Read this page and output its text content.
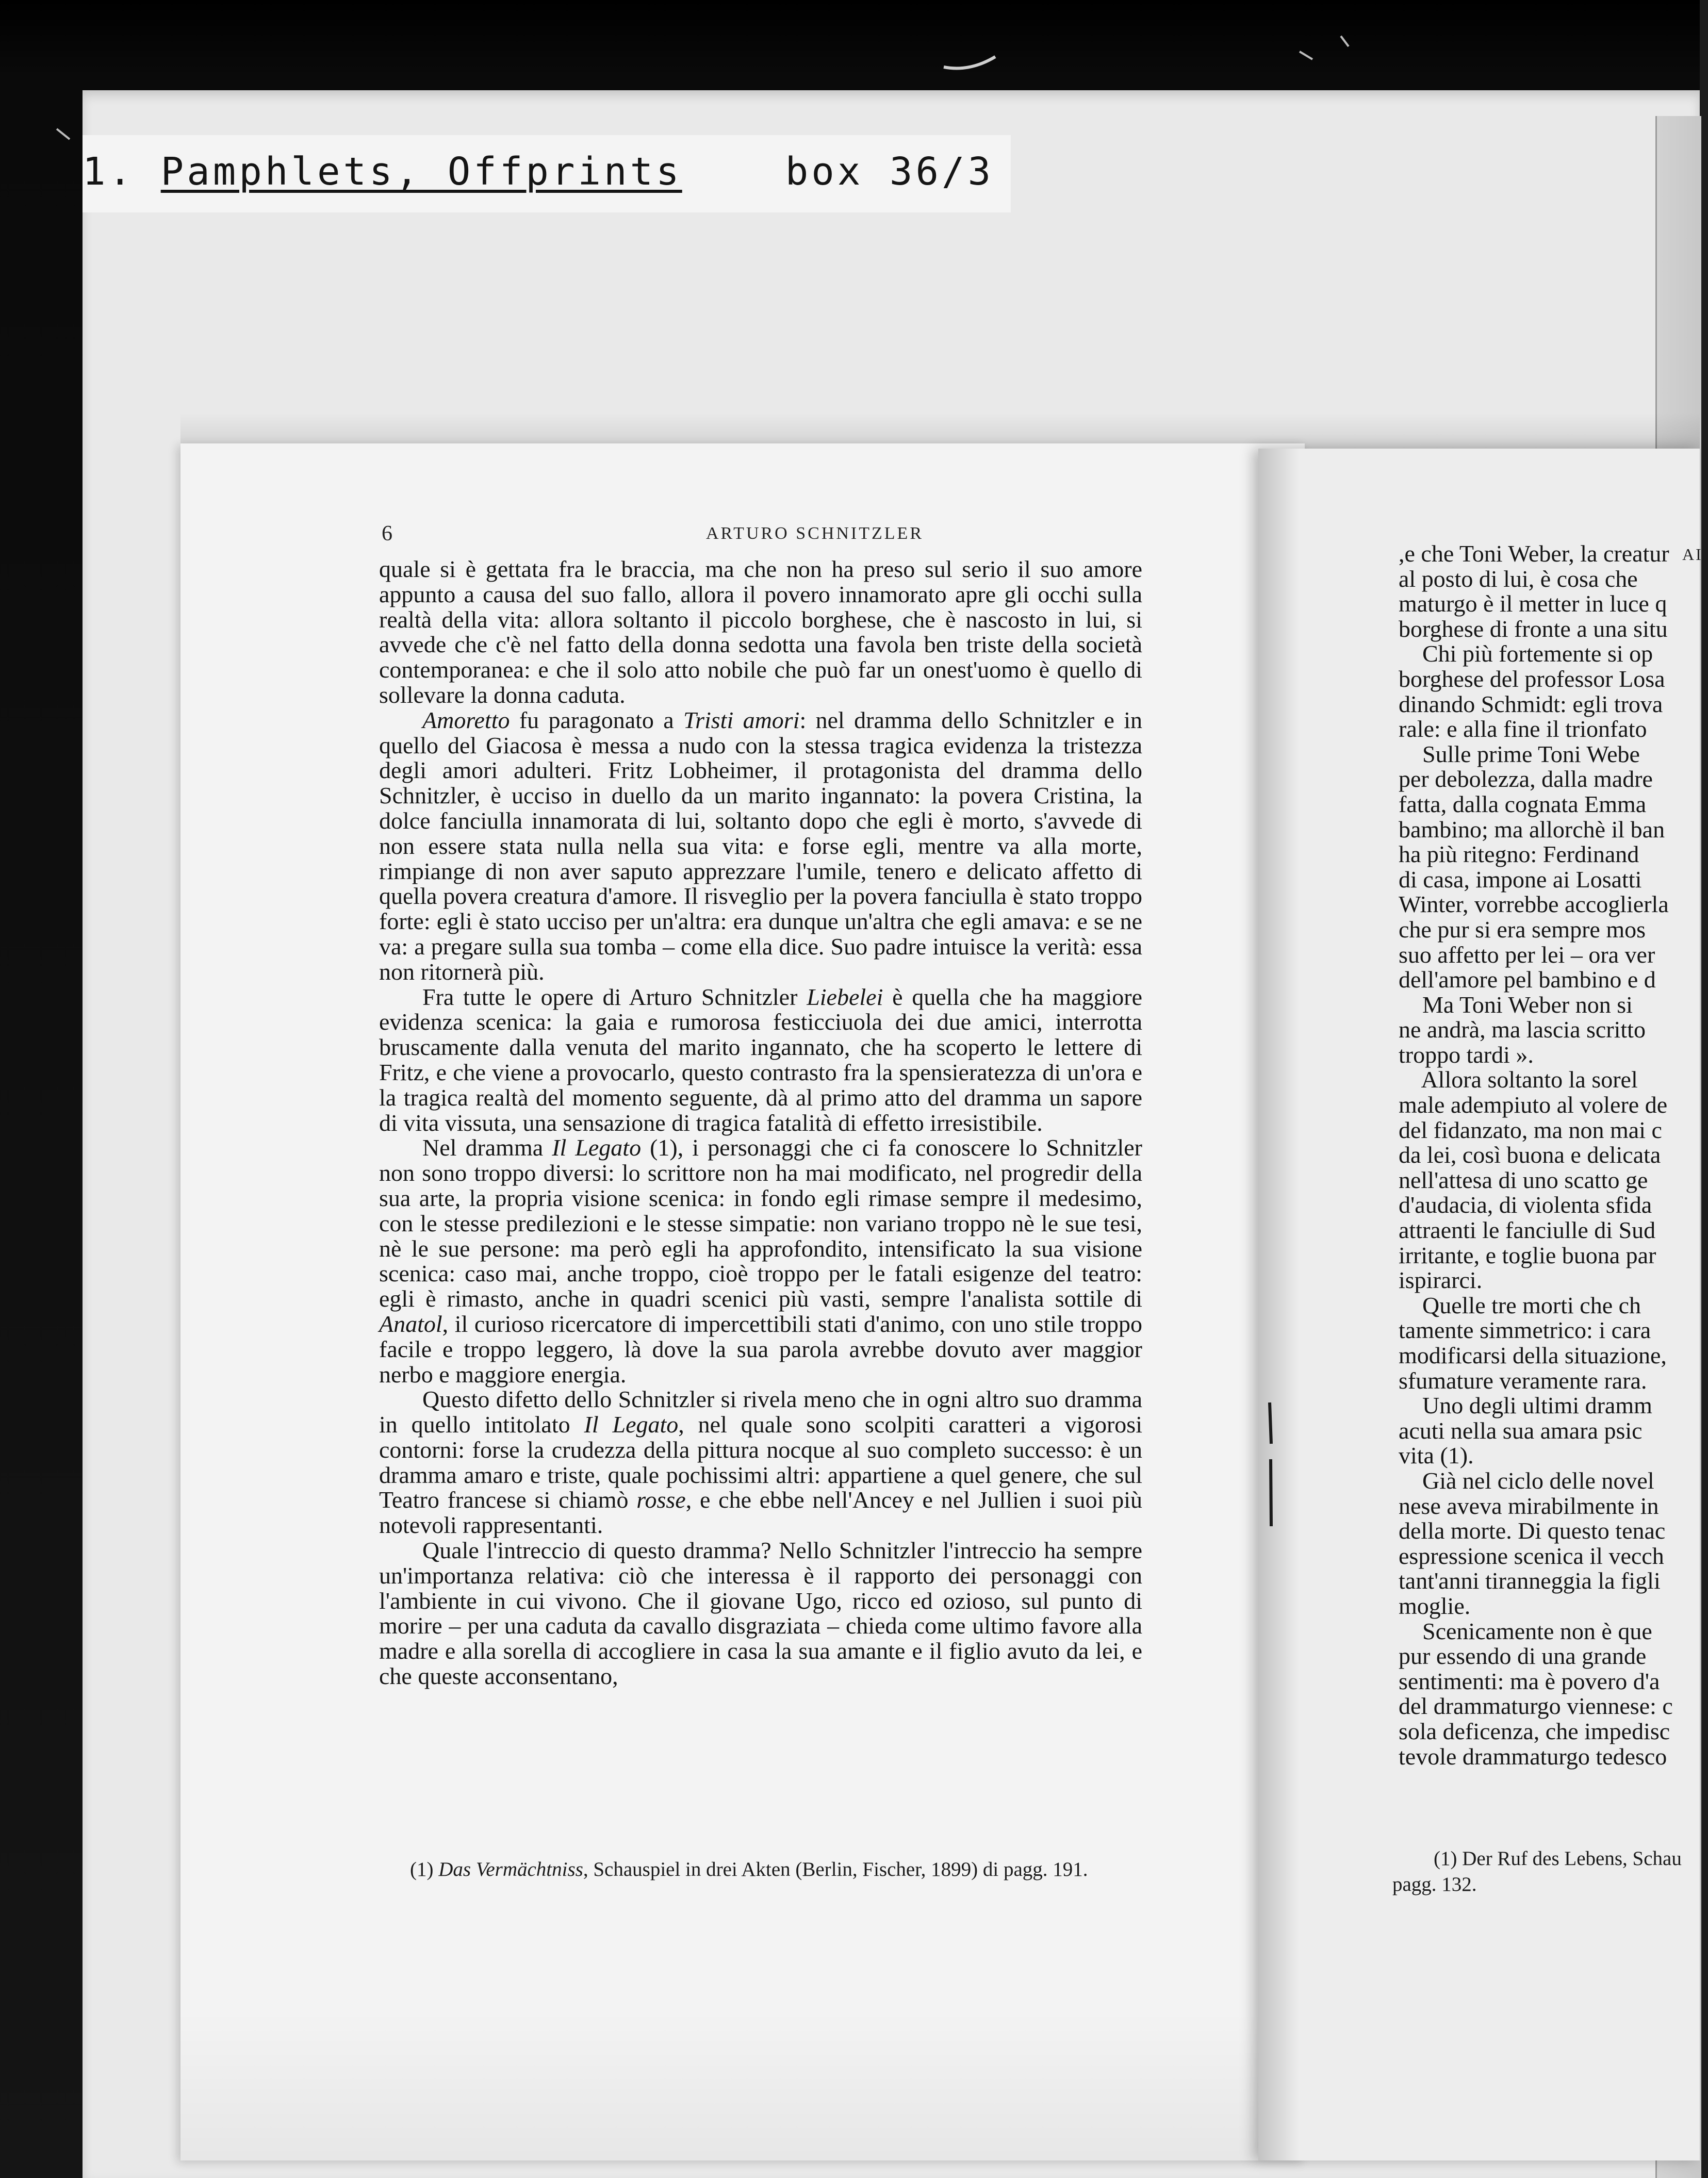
1. Pamphlets, Offprints	box 36/3
6	ARTURO SCHNITZLER

quale si è gettata fra le braccia, ma che non ha preso sul serio il suo amore appunto a causa del suo fallo, allora il povero innamorato apre gli occhi sulla realtà della vita: allora soltanto il piccolo borghese, che è nascosto in lui, si avvede che c'è nel fatto della donna sedotta una favola ben triste della società contemporanea: e che il solo atto nobile che può far un onest'uomo è quello di sollevare la donna caduta.

Amoretto fu paragonato a Tristi amori: nel dramma dello Schnitzler e in quello del Giacosa è messa a nudo con la stessa tragica evidenza la tristezza degli amori adulteri. Fritz Lobheimer, il protagonista del dramma dello Schnitzler, è ucciso in duello da un marito ingannato: la povera Cristina, la dolce fanciulla innamorata di lui, soltanto dopo che egli è morto, s'avvede di non essere stata nulla nella sua vita: e forse egli, mentre va alla morte, rimpiange di non aver saputo apprezzare l'umile, tenero e delicato affetto di quella povera creatura d'amore. Il risveglio per la povera fanciulla è stato troppo forte: egli è stato ucciso per un'altra: era dunque un'altra che egli amava: e se ne va: a pregare sulla sua tomba – come ella dice. Suo padre intuisce la verità: essa non ritornerà più.

Fra tutte le opere di Arturo Schnitzler Liebelei è quella che ha maggiore evidenza scenica: la gaia e rumorosa festicciuola dei due amici, interrotta bruscamente dalla venuta del marito ingannato, che ha scoperto le lettere di Fritz, e che viene a provocarlo, questo contrasto fra la spensieratezza di un'ora e la tragica realtà del momento seguente, dà al primo atto del dramma un sapore di vita vissuta, una sensazione di tragica fatalità di effetto irresistibile.

Nel dramma Il Legato (1), i personaggi che ci fa conoscere lo Schnitzler non sono troppo diversi: lo scrittore non ha mai modificato, nel progredir della sua arte, la propria visione scenica: in fondo egli rimase sempre il medesimo, con le stesse predilezioni e le stesse simpatie: non variano troppo nè le sue tesi, nè le sue persone: ma però egli ha approfondito, intensificato la sua visione scenica: caso mai, anche troppo, cioè troppo per le fatali esigenze del teatro: egli è rimasto, anche in quadri scenici più vasti, sempre l'analista sottile di Anatol, il curioso ricercatore di impercettibili stati d'animo, con uno stile troppo facile e troppo leggero, là dove la sua parola avrebbe dovuto aver maggior nerbo e maggiore energia.

Questo difetto dello Schnitzler si rivela meno che in ogni altro suo dramma in quello intitolato Il Legato, nel quale sono scolpiti caratteri a vigorosi contorni: forse la crudezza della pittura nocque al suo completo successo: è un dramma amaro e triste, quale pochissimi altri: appartiene a quel genere, che sul Teatro francese si chiamò rosse, e che ebbe nell'Ancey e nel Jullien i suoi più notevoli rappresentanti.

Quale l'intreccio di questo dramma? Nello Schnitzler l'intreccio ha sempre un'importanza relativa: ciò che interessa è il rapporto dei personaggi con l'ambiente in cui vivono. Che il giovane Ugo, ricco ed ozioso, sul punto di morire – per una caduta da cavallo disgraziata – chieda come ultimo favore alla madre e alla sorella di accogliere in casa la sua amante e il figlio avuto da lei, e che queste acconsentano,

(1) Das Vermächtniss, Schauspiel in drei Akten (Berlin, Fischer, 1899) di pagg. 191.
AI
,e che Toni Weber, la creatur
al posto di lui, è cosa che
maturgo è il metter in luce q
borghese di fronte a una situ
Chi più fortemente si op
borghese del professor Losa
dinando Schmidt: egli trova
rale: e alla fine il trionfato
Sulle prime Toni Webe
per debolezza, dalla madre
fatta, dalla cognata Emma
bambino; ma allorchè il ban
ha più ritegno: Ferdinand
di casa, impone ai Losatti
Winter, vorrebbe accoglierla
che pur si era sempre mos
suo affetto per lei – ora ver
dell'amore pel bambino e d
Ma Toni Weber non si
ne andrà, ma lascia scritto
troppo tardi ».
Allora soltanto la sorel
male adempiuto al volere de
del fidanzato, ma non mai c
da lei, così buona e delicata
nell'attesa di uno scatto ge
d'audacia, di violenta sfida
attraenti le fanciulle di Sud
irritante, e toglie buona par
ispirarci.
Quelle tre morti che ch
tamente simmetrico: i cara
modificarsi della situazione,
sfumature veramente rara.
Uno degli ultimi dramm
acuti nella sua amara psic
vita (1).
Già nel ciclo delle novel
nese aveva mirabilmente in
della morte. Di questo tenac
espressione scenica il vecch
tant'anni tiranneggia la figli
moglie.
Scenicamente non è que
pur essendo di una grande
sentimenti: ma è povero d'a
del drammaturgo viennese: c
sola deficenza, che impedisc
tevole drammaturgo tedesco
(1) Der Ruf des Lebens, Schau
pagg. 132.
